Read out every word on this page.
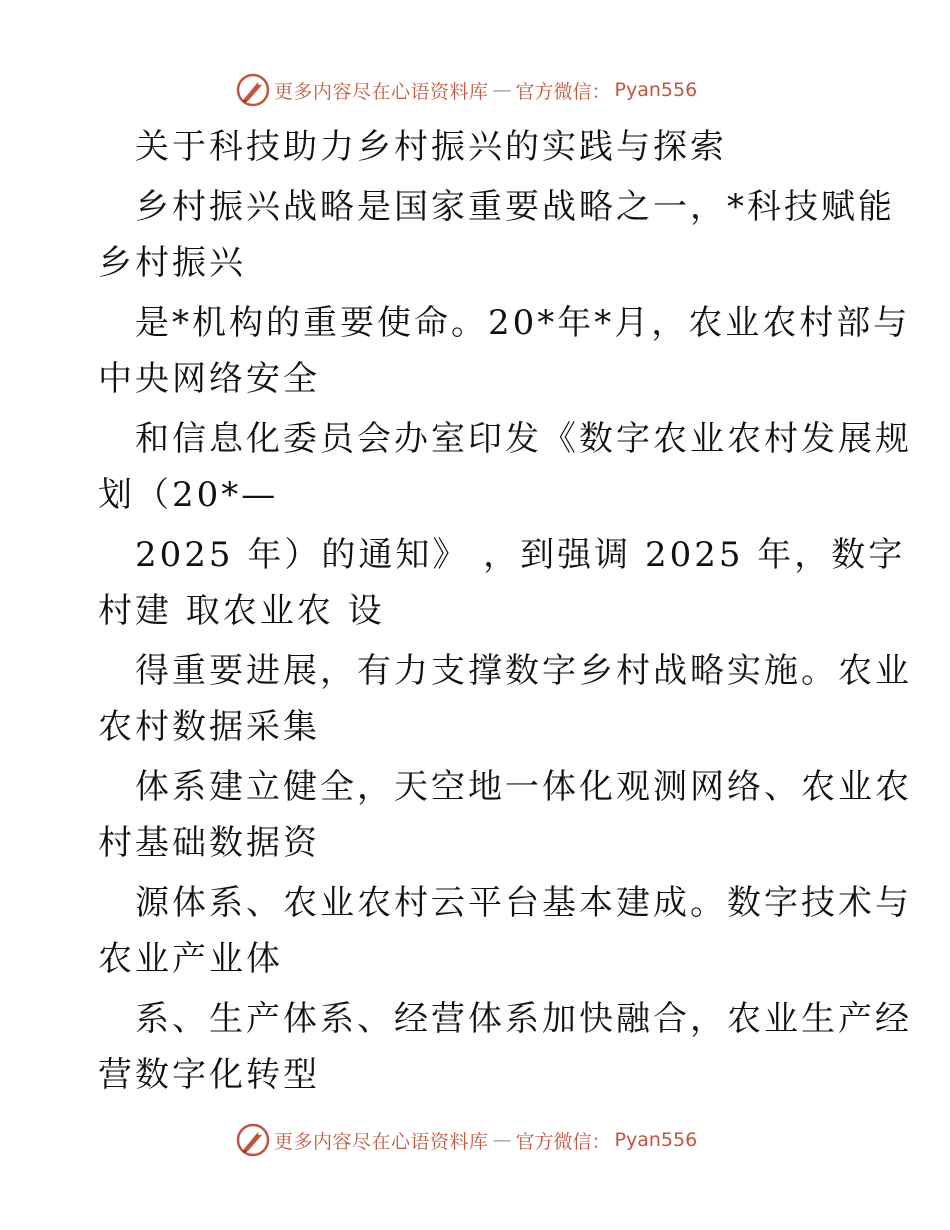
更多内容尽在心语资料库 — 官方微信： Pyan556
关于科技助力乡村振兴的实践与探索
乡村振兴战略是国家重要战略之一，*科技赋能
乡村振兴
是*机构的重要使命。20*年*月，农业农村部与
中央网络安全
和信息化委员会办室印发《数字农业农村发展规
划（20*—
2025 年）的通知》 ，到强调 2025 年，数字
村建 取农业农 设
得重要进展，有力支撑数字乡村战略实施。农业
农村数据采集
体系建立健全，天空地一体化观测网络、农业农
村基础数据资
源体系、农业农村云平台基本建成。数字技术与
农业产业体
系、生产体系、经营体系加快融合，农业生产经
营数字化转型
更多内容尽在心语资料库 — 官方微信： Pyan556
